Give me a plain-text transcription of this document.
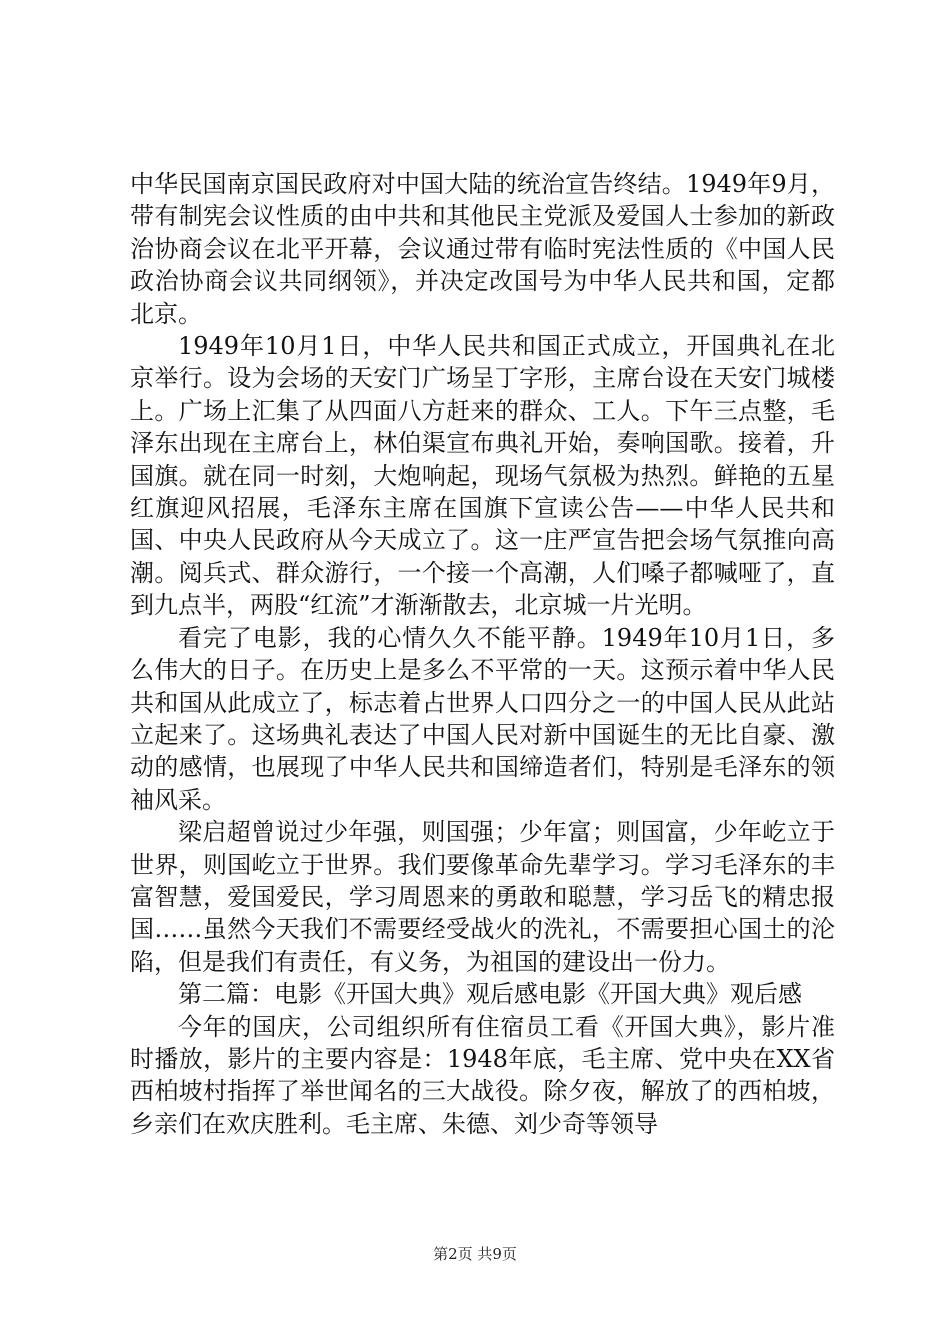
中华民国南京国民政府对中国大陆的统治宣告终结。1949年9月，带有制宪会议性质的由中共和其他民主党派及爱国人士参加的新政治协商会议在北平开幕，会议通过带有临时宪法性质的《中国人民政治协商会议共同纲领》，并决定改国号为中华人民共和国，定都北京。

1949年10月1日，中华人民共和国正式成立，开国典礼在北京举行。设为会场的天安门广场呈丁字形，主席台设在天安门城楼上。广场上汇集了从四面八方赶来的群众、工人。下午三点整，毛泽东出现在主席台上，林伯渠宣布典礼开始，奏响国歌。接着，升国旗。就在同一时刻，大炮响起，现场气氛极为热烈。鲜艳的五星红旗迎风招展，毛泽东主席在国旗下宣读公告——中华人民共和国、中央人民政府从今天成立了。这一庄严宣告把会场气氛推向高潮。阅兵式、群众游行，一个接一个高潮，人们嗓子都喊哑了，直到九点半，两股“红流”才渐渐散去，北京城一片光明。

看完了电影，我的心情久久不能平静。1949年10月1日，多么伟大的日子。在历史上是多么不平常的一天。这预示着中华人民共和国从此成立了，标志着占世界人口四分之一的中国人民从此站立起来了。这场典礼表达了中国人民对新中国诞生的无比自豪、激动的感情，也展现了中华人民共和国缔造者们，特别是毛泽东的领袖风采。

梁启超曾说过少年强，则国强；少年富；则国富，少年屹立于世界，则国屹立于世界。我们要像革命先辈学习。学习毛泽东的丰富智慧，爱国爱民，学习周恩来的勇敢和聪慧，学习岳飞的精忠报国……虽然今天我们不需要经受战火的洗礼，不需要担心国土的沦陷，但是我们有责任，有义务，为祖国的建设出一份力。

第二篇：电影《开国大典》观后感电影《开国大典》观后感

今年的国庆，公司组织所有住宿员工看《开国大典》，影片准时播放，影片的主要内容是：1948年底，毛主席、党中央在XX省西柏坡村指挥了举世闻名的三大战役。除夕夜，解放了的西柏坡，乡亲们在欢庆胜利。毛主席、朱德、刘少奇等领导

第2页 共9页
